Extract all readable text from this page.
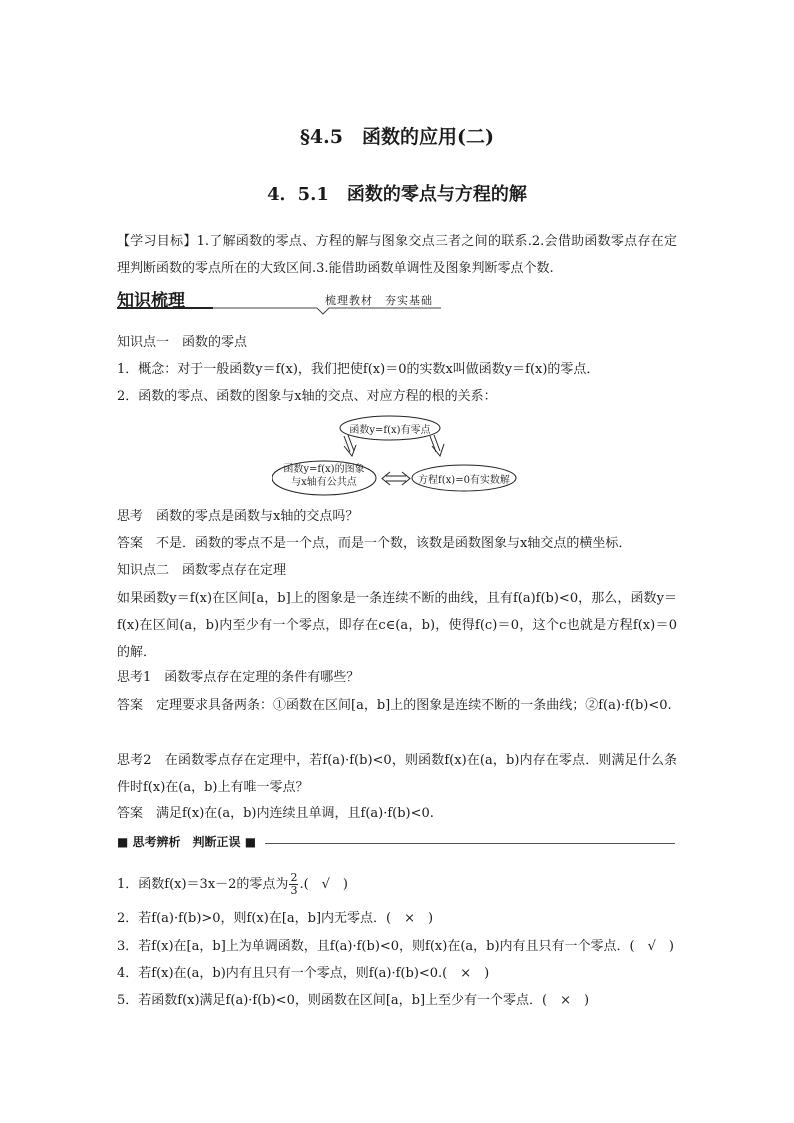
§4.5　函数的应用(二)
4．5.1　函数的零点与方程的解
【学习目标】1.了解函数的零点、方程的解与图象交点三者之间的联系.2.会借助函数零点存在定理判断函数的零点所在的大致区间.3.能借助函数单调性及图象判断零点个数.
知识梳理	梳理教材　夯实基础
知识点一　函数的零点
1．概念：对于一般函数y＝f(x)，我们把使f(x)＝0的实数x叫做函数y＝f(x)的零点．
2．函数的零点、函数的图象与x轴的交点、对应方程的根的关系：
函数y=f(x)有零点
函数y=f(x)的图象
与x轴有公共点	方程f(x)=0有实数解
思考　函数的零点是函数与x轴的交点吗？
答案　不是．函数的零点不是一个点，而是一个数，该数是函数图象与x轴交点的横坐标．
知识点二　函数零点存在定理
如果函数y＝f(x)在区间[a，b]上的图象是一条连续不断的曲线，且有f(a)f(b)<0，那么，函数y＝f(x)在区间(a，b)内至少有一个零点，即存在c∈(a，b)，使得f(c)＝0，这个c也就是方程f(x)＝0的解．
思考1　函数零点存在定理的条件有哪些？
答案　定理要求具备两条：①函数在区间[a，b]上的图象是连续不断的一条曲线；②f(a)·f(b)<0.
思考2　在函数零点存在定理中，若f(a)·f(b)<0，则函数f(x)在(a，b)内存在零点．则满足什么条件时f(x)在(a，b)上有唯一零点？
答案　满足f(x)在(a，b)内连续且单调，且f(a)·f(b)<0.
■ 思考辨析　判断正误 ■
1．函数f(x)＝3x－2的零点为 $\frac{2}{3}$ .(　√　)
2．若f(a)·f(b)>0，则f(x)在[a，b]内无零点．(　×　)
3．若f(x)在[a，b]上为单调函数，且f(a)·f(b)<0，则f(x)在(a，b)内有且只有一个零点．(　√　)
4．若f(x)在(a，b)内有且只有一个零点，则f(a)·f(b)<0.(　×　)
5．若函数f(x)满足f(a)·f(b)<0，则函数在区间[a，b]上至少有一个零点．(　×　)
